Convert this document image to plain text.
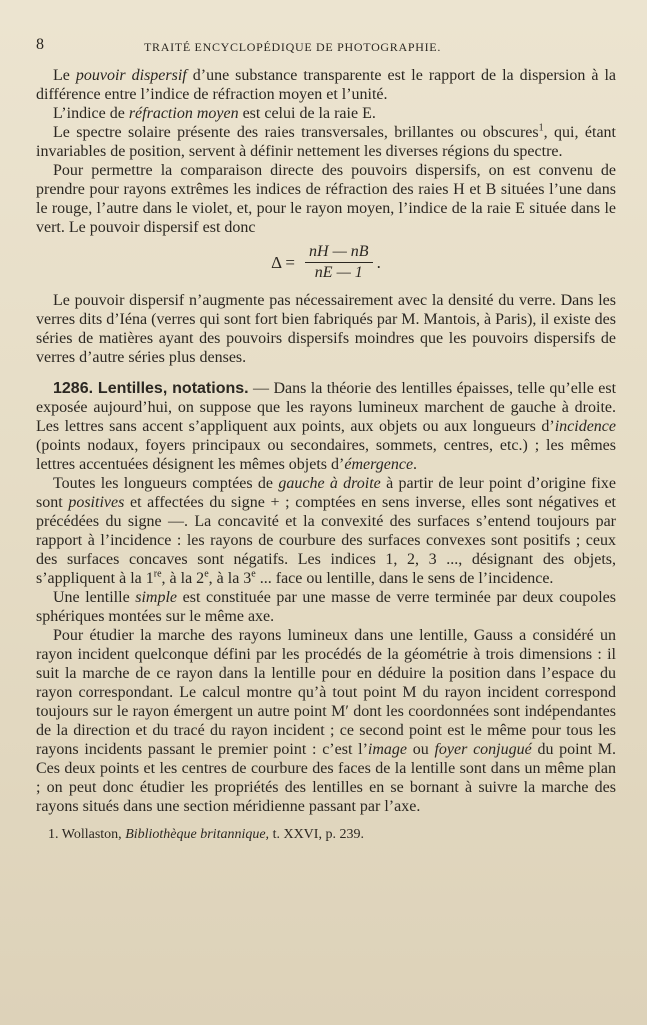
8	TRAITÉ ENCYCLOPÉDIQUE DE PHOTOGRAPHIE.

Le pouvoir dispersif d’une substance transparente est le rapport de la dispersion à la différence entre l’indice de réfraction moyen et l’unité.

L’indice de réfraction moyen est celui de la raie E.

Le spectre solaire présente des raies transversales, brillantes ou obscures$^1$, qui, étant invariables de position, servent à définir nettement les diverses régions du spectre.

Pour permettre la comparaison directe des pouvoirs dispersifs, on est convenu de prendre pour rayons extrêmes les indices de réfraction des raies H et B situées l’une dans le rouge, l’autre dans le violet, et, pour le rayon moyen, l’indice de la raie E située dans le vert. Le pouvoir dispersif est donc

$\Delta = \frac{nH — nB}{nE — 1}$ .

Le pouvoir dispersif n’augmente pas nécessairement avec la densité du verre. Dans les verres dits d’Iéna (verres qui sont fort bien fabriqués par M. Mantois, à Paris), il existe des séries de matières ayant des pouvoirs dispersifs moindres que les pouvoirs dispersifs de verres d’autre séries plus denses.

1286. Lentilles, notations. — Dans la théorie des lentilles épaisses, telle qu’elle est exposée aujourd’hui, on suppose que les rayons lumineux marchent de gauche à droite. Les lettres sans accent s’appliquent aux points, aux objets ou aux longueurs d’incidence (points nodaux, foyers principaux ou secondaires, sommets, centres, etc.) ; les mêmes lettres accentuées désignent les mêmes objets d’émergence.

Toutes les longueurs comptées de gauche à droite à partir de leur point d’origine fixe sont positives et affectées du signe + ; comptées en sens inverse, elles sont négatives et précédées du signe —. La concavité et la convexité des surfaces s’entend toujours par rapport à l’incidence : les rayons de courbure des surfaces convexes sont positifs ; ceux des surfaces concaves sont négatifs. Les indices 1, 2, 3 ..., désignant des objets, s’appliquent à la 1re, à la 2e, à la 3e ... face ou lentille, dans le sens de l’incidence.

Une lentille simple est constituée par une masse de verre terminée par deux coupoles sphériques montées sur le même axe.

Pour étudier la marche des rayons lumineux dans une lentille, Gauss a considéré un rayon incident quelconque défini par les procédés de la géométrie à trois dimensions : il suit la marche de ce rayon dans la lentille pour en déduire la position dans l’espace du rayon correspondant. Le calcul montre qu’à tout point M du rayon incident correspond toujours sur le rayon émergent un autre point M′ dont les coordonnées sont indépendantes de la direction et du tracé du rayon incident ; ce second point est le même pour tous les rayons incidents passant le premier point : c’est l’image ou foyer conjugué du point M. Ces deux points et les centres de courbure des faces de la lentille sont dans un même plan ; on peut donc étudier les propriétés des lentilles en se bornant à suivre la marche des rayons situés dans une section méridienne passant par l’axe.

1. Wollaston, Bibliothèque britannique, t. XXVI, p. 239.
